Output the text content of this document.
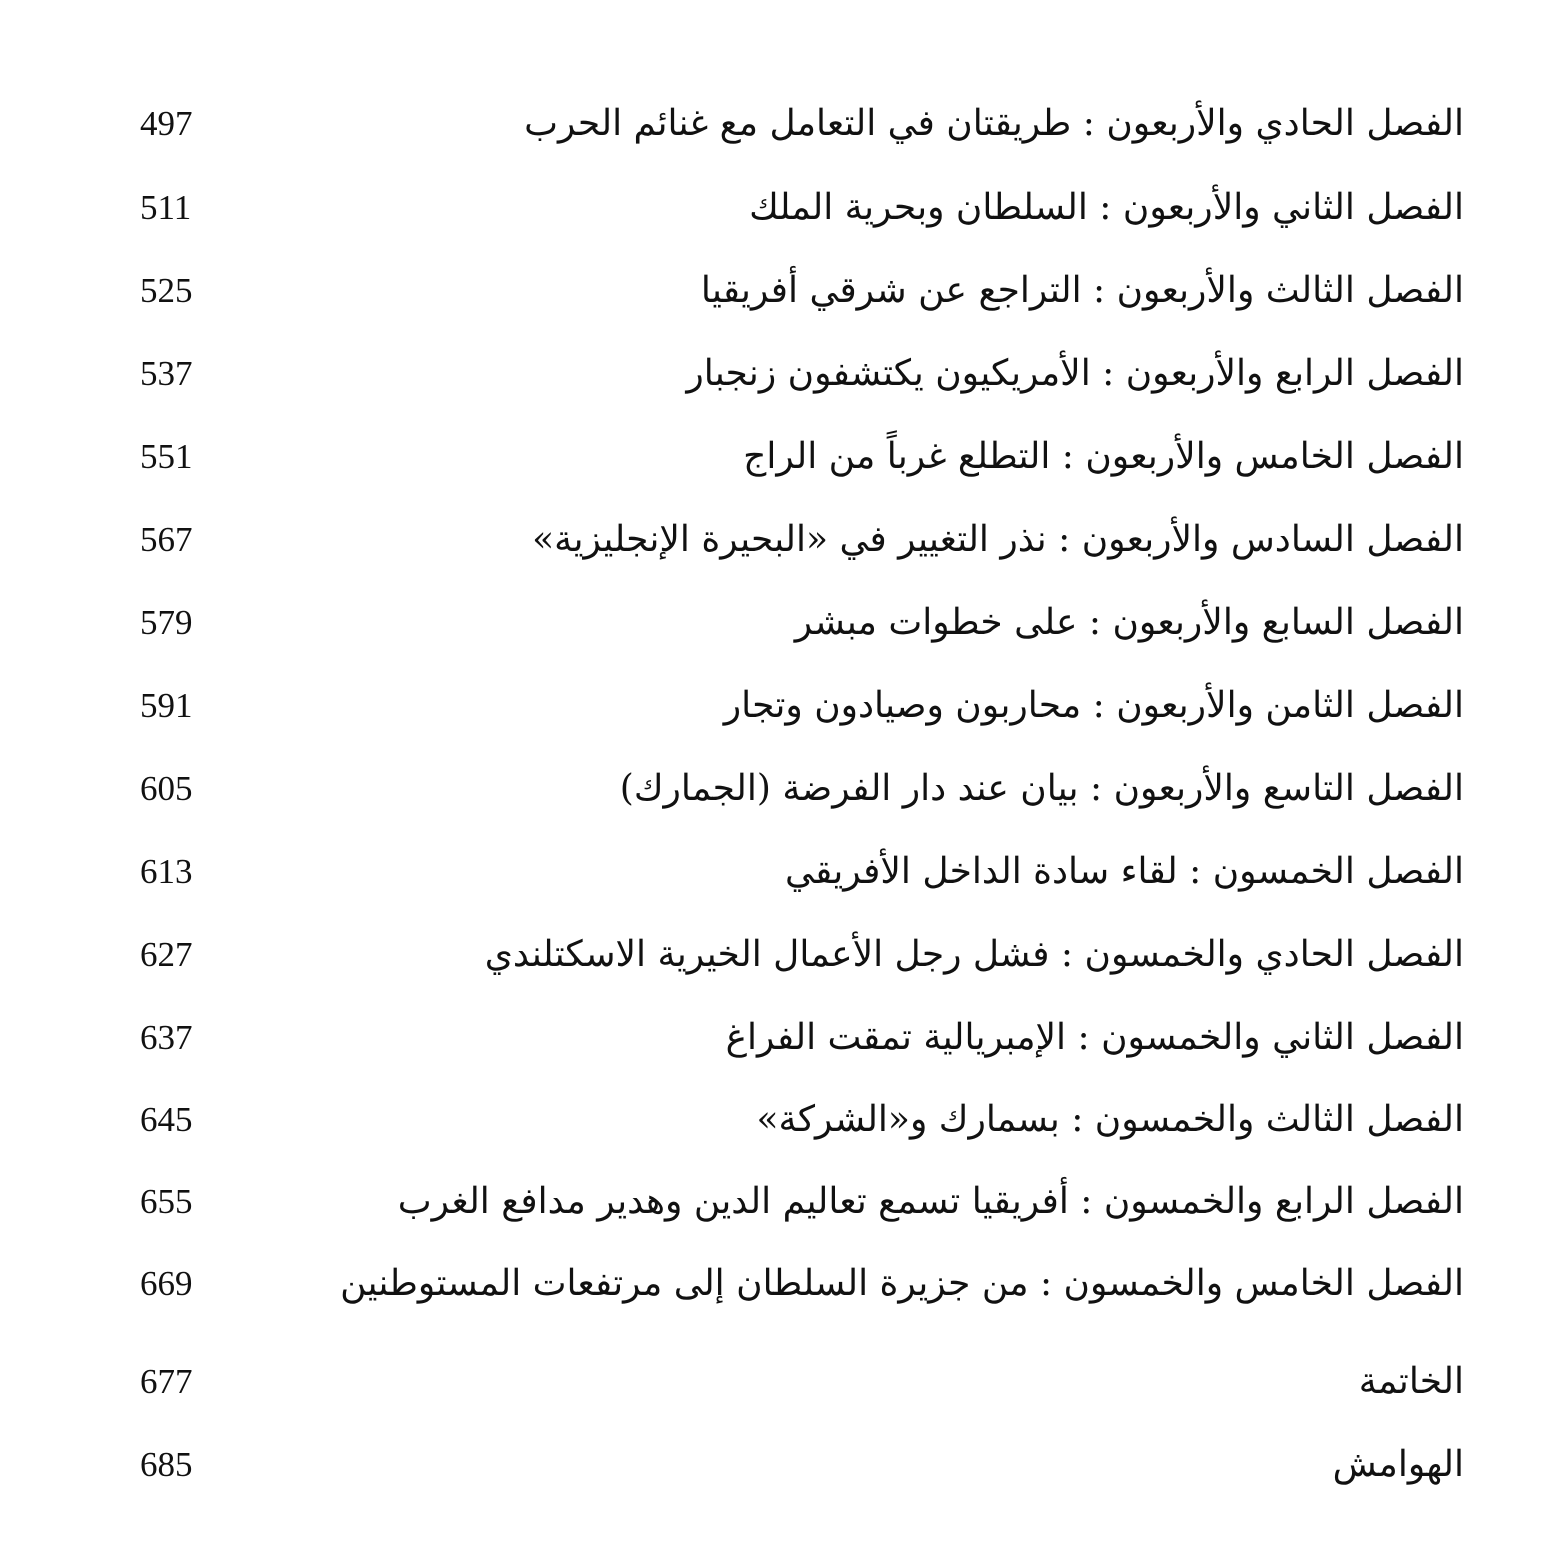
الفصل الحادي والأربعون : طريقتان في التعامل مع غنائم الحرب
497
الفصل الثاني والأربعون : السلطان وبحرية الملك
511
الفصل الثالث والأربعون : التراجع عن شرقي أفريقيا
525
الفصل الرابع والأربعون : الأمريكيون يكتشفون زنجبار
537
الفصل الخامس والأربعون : التطلع غرباً من الراج
551
الفصل السادس والأربعون : نذر التغيير في «البحيرة الإنجليزية»
567
الفصل السابع والأربعون : على خطوات مبشر
579
الفصل الثامن والأربعون : محاربون وصيادون وتجار
591
الفصل التاسع والأربعون : بيان عند دار الفرضة (الجمارك)
605
الفصل الخمسون : لقاء سادة الداخل الأفريقي
613
الفصل الحادي والخمسون : فشل رجل الأعمال الخيرية الاسكتلندي
627
الفصل الثاني والخمسون : الإمبريالية تمقت الفراغ
637
الفصل الثالث والخمسون : بسمارك و«الشركة»
645
الفصل الرابع والخمسون : أفريقيا تسمع تعاليم الدين وهدير مدافع الغرب
655
الفصل الخامس والخمسون : من جزيرة السلطان إلى مرتفعات المستوطنين
669
الخاتمة
677
الهوامش
685
